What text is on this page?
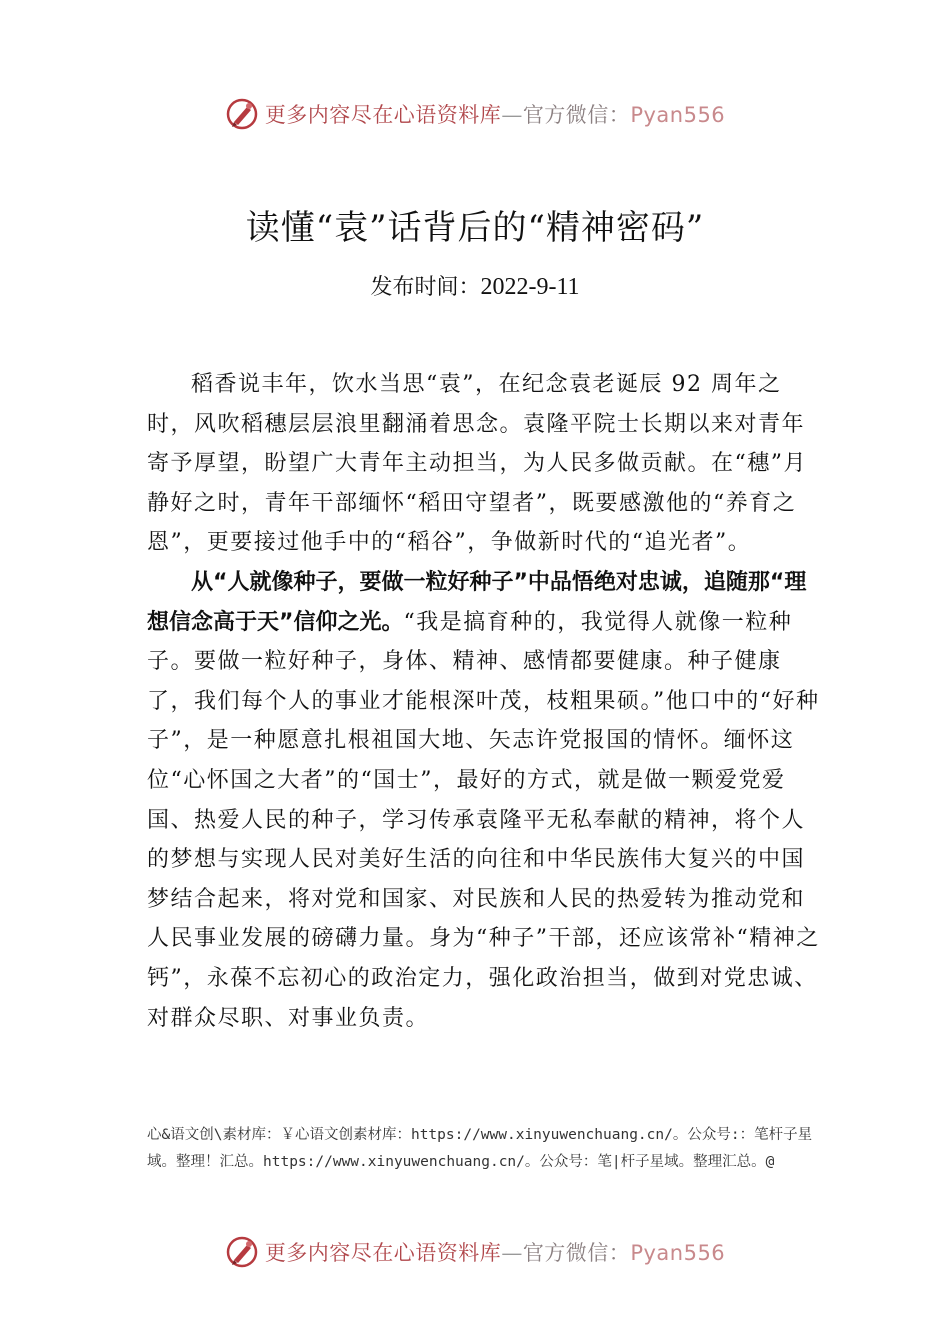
更多内容尽在心语资料库—官方微信：Pyan556
读懂“袁”话背后的“精神密码”
发布时间：2022-9-11

稻香说丰年，饮水当思“袁”，在纪念袁老诞辰 92 周年之时，风吹稻穗层层浪里翻涌着思念。袁隆平院士长期以来对青年寄予厚望，盼望广大青年主动担当，为人民多做贡献。在“穗”月静好之时，青年干部缅怀“稻田守望者”，既要感激他的“养育之恩”，更要接过他手中的“稻谷”，争做新时代的“追光者”。

从“人就像种子，要做一粒好种子”中品悟绝对忠诚，追随那“理想信念高于天”信仰之光。“我是搞育种的，我觉得人就像一粒种子。要做一粒好种子，身体、精神、感情都要健康。种子健康了，我们每个人的事业才能根深叶茂，枝粗果硕。”他口中的“好种子”，是一种愿意扎根祖国大地、矢志许党报国的情怀。缅怀这位“心怀国之大者”的“国士”，最好的方式，就是做一颗爱党爱国、热爱人民的种子，学习传承袁隆平无私奉献的精神，将个人的梦想与实现人民对美好生活的向往和中华民族伟大复兴的中国梦结合起来，将对党和国家、对民族和人民的热爱转为推动党和人民事业发展的磅礴力量。身为“种子”干部，还应该常补“精神之钙”，永葆不忘初心的政治定力，强化政治担当，做到对党忠诚、对群众尽职、对事业负责。

心&语文创\素材库：￥心语文创素材库：https://www.xinyuwenchuang.cn/。公众号:：笔杆子星域。整理！汇总。https://www.xinyuwenchuang.cn/。公众号：笔|杆子星域。整理汇总。@
更多内容尽在心语资料库—官方微信：Pyan556
